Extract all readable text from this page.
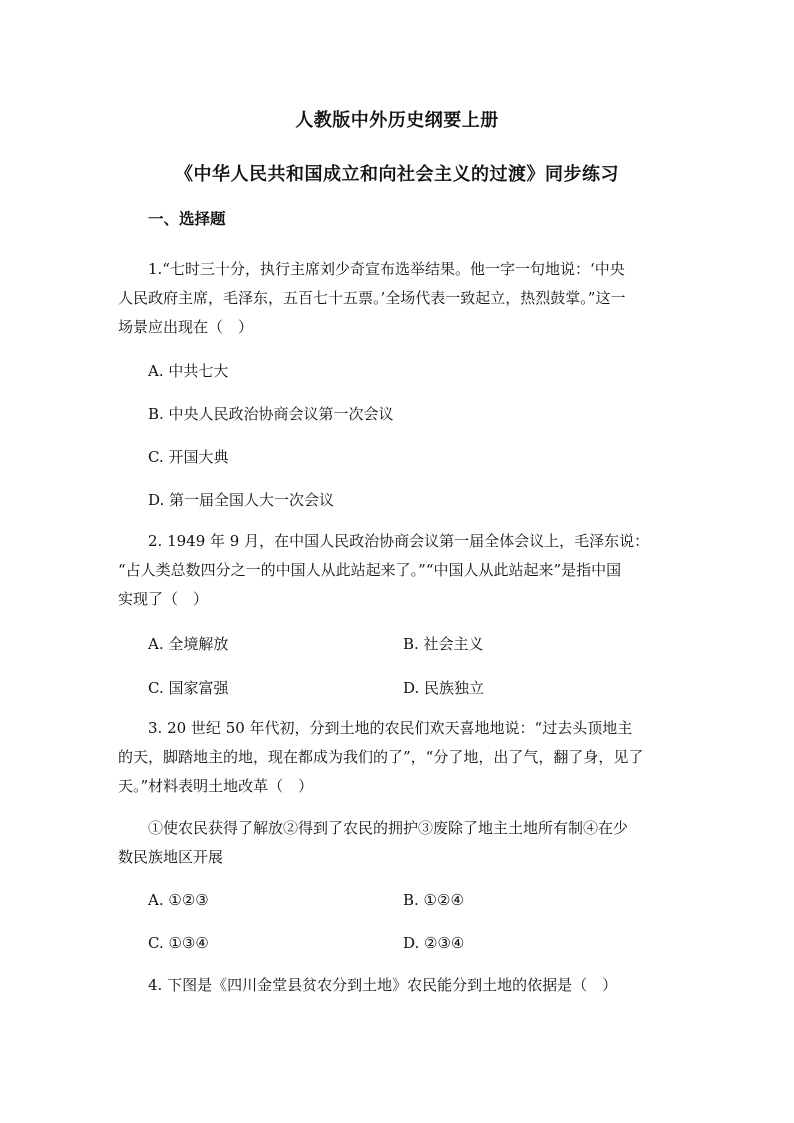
人教版中外历史纲要上册
《中华人民共和国成立和向社会主义的过渡》同步练习
一、选择题
1.“七时三十分，执行主席刘少奇宣布选举结果。他一字一句地说：‘中央
人民政府主席，毛泽东，五百七十五票。’全场代表一致起立，热烈鼓掌。”这一
场景应出现在（　）
A. 中共七大
B. 中央人民政治协商会议第一次会议
C. 开国大典
D. 第一届全国人大一次会议
2. 1949 年 9 月，在中国人民政治协商会议第一届全体会议上，毛泽东说：
“占人类总数四分之一的中国人从此站起来了。”“中国人从此站起来”是指中国
实现了（　）
A. 全境解放	B. 社会主义
C. 国家富强	D. 民族独立
3. 20 世纪 50 年代初，分到土地的农民们欢天喜地地说：“过去头顶地主
的天，脚踏地主的地，现在都成为我们的了”，“分了地，出了气，翻了身，见了
天。”材料表明土地改革（　）
①使农民获得了解放②得到了农民的拥护③废除了地主土地所有制④在少
数民族地区开展
A. ①②③	B. ①②④
C. ①③④	D. ②③④
4. 下图是《四川金堂县贫农分到土地》农民能分到土地的依据是（　）
